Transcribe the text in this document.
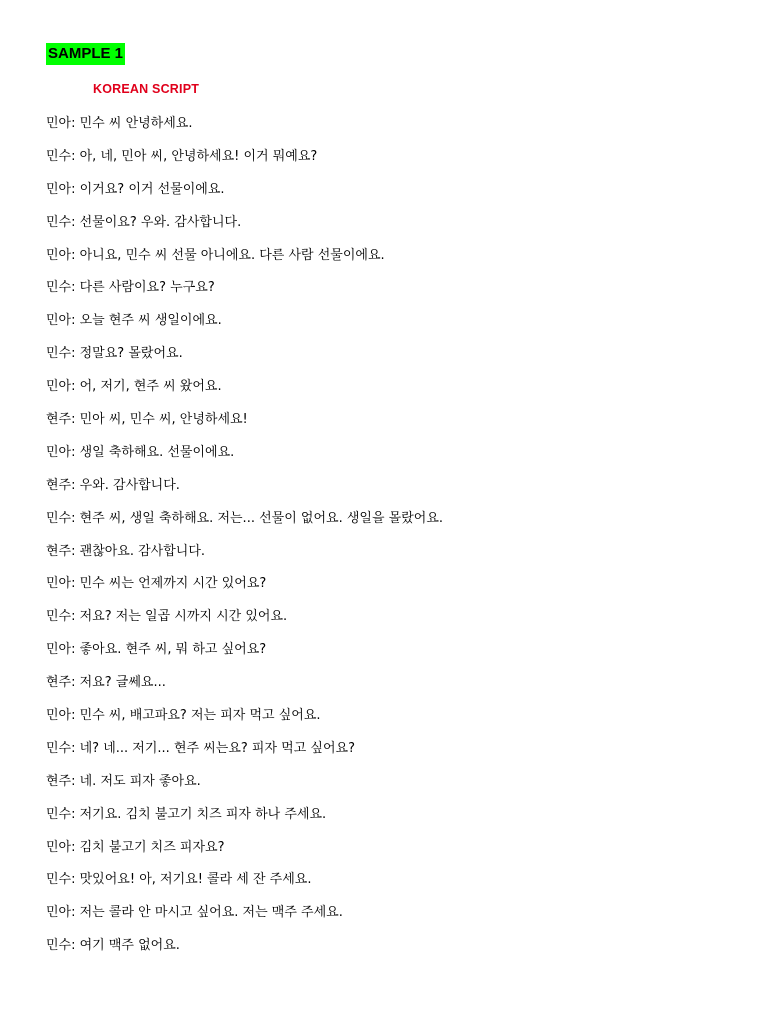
SAMPLE 1
KOREAN SCRIPT
민아: 민수 씨 안녕하세요.
민수: 아, 네, 민아 씨, 안녕하세요! 이거 뭐예요?
민아: 이거요? 이거 선물이에요.
민수: 선물이요? 우와. 감사합니다.
민아: 아니요, 민수 씨 선물 아니에요. 다른 사람 선물이에요.
민수: 다른 사람이요? 누구요?
민아: 오늘 현주 씨 생일이에요.
민수: 정말요? 몰랐어요.
민아: 어, 저기, 현주 씨 왔어요.
현주: 민아 씨, 민수 씨, 안녕하세요!
민아: 생일 축하해요. 선물이에요.
현주: 우와. 감사합니다.
민수: 현주 씨, 생일 축하해요. 저는... 선물이 없어요. 생일을 몰랐어요.
현주: 괜찮아요. 감사합니다.
민아: 민수 씨는 언제까지 시간 있어요?
민수: 저요? 저는 일곱 시까지 시간 있어요.
민아: 좋아요. 현주 씨, 뭐 하고 싶어요?
현주: 저요? 글쎄요...
민아: 민수 씨, 배고파요? 저는 피자 먹고 싶어요.
민수: 네? 네... 저기... 현주 씨는요? 피자 먹고 싶어요?
현주: 네. 저도 피자 좋아요.
민수: 저기요. 김치 불고기 치즈 피자 하나 주세요.
민아: 김치 불고기 치즈 피자요?
민수: 맛있어요! 아, 저기요! 콜라 세 잔 주세요.
민아: 저는 콜라 안 마시고 싶어요. 저는 맥주 주세요.
민수: 여기 맥주 없어요.
